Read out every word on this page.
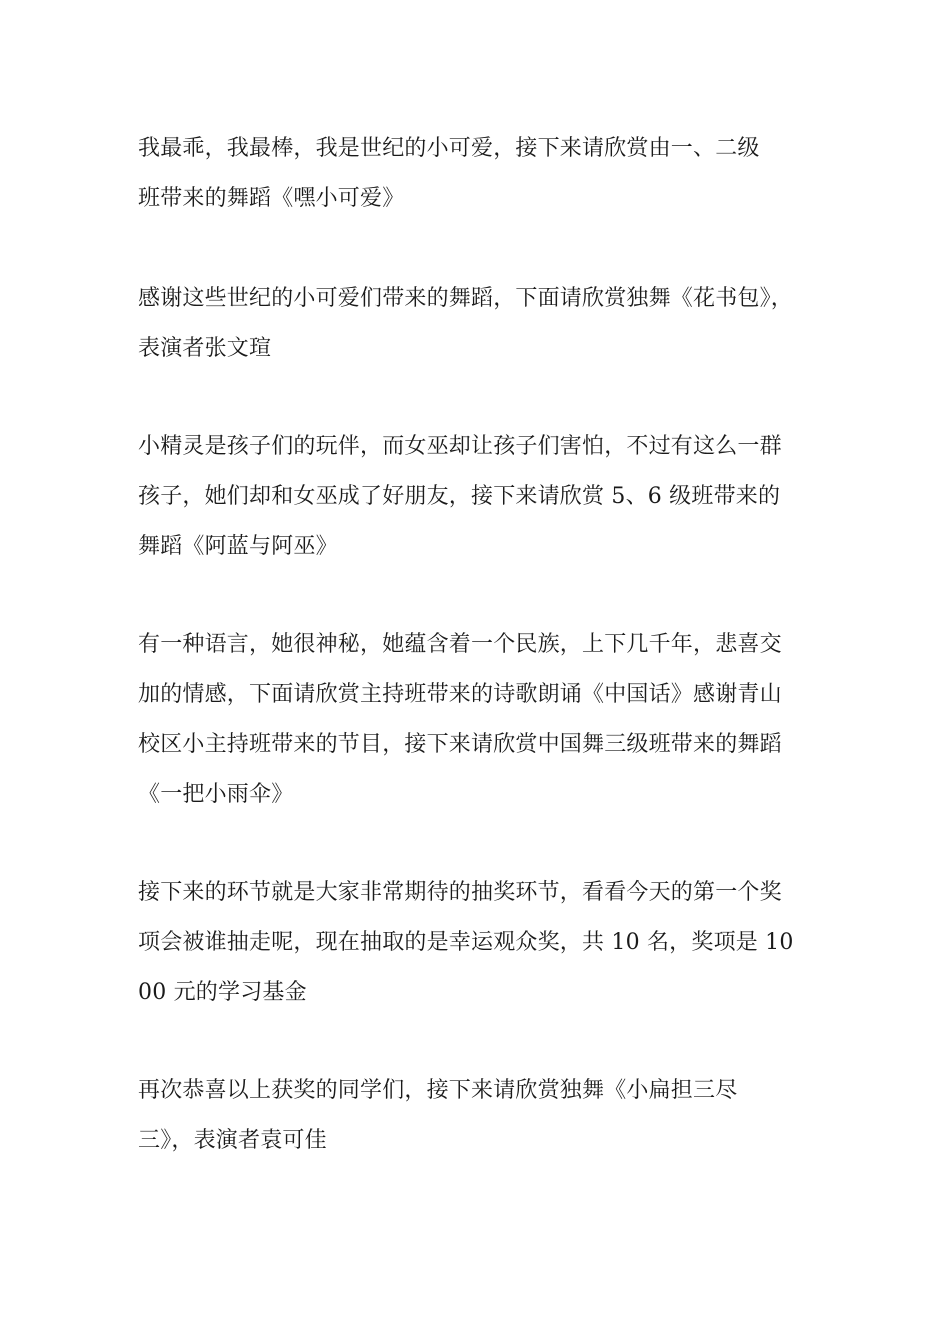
我最乖，我最棒，我是世纪的小可爱，接下来请欣赏由一、二级
班带来的舞蹈《嘿小可爱》
感谢这些世纪的小可爱们带来的舞蹈，下面请欣赏独舞《花书包》，
表演者张文瑄
小精灵是孩子们的玩伴，而女巫却让孩子们害怕，不过有这么一群
孩子，她们却和女巫成了好朋友，接下来请欣赏 5、6 级班带来的
舞蹈《阿蓝与阿巫》
有一种语言，她很神秘，她蕴含着一个民族，上下几千年，悲喜交
加的情感，下面请欣赏主持班带来的诗歌朗诵《中国话》感谢青山
校区小主持班带来的节目，接下来请欣赏中国舞三级班带来的舞蹈
《一把小雨伞》
接下来的环节就是大家非常期待的抽奖环节，看看今天的第一个奖
项会被谁抽走呢，现在抽取的是幸运观众奖，共 10 名，奖项是 10
00 元的学习基金
再次恭喜以上获奖的同学们，接下来请欣赏独舞《小扁担三尽
三》，表演者袁可佳
